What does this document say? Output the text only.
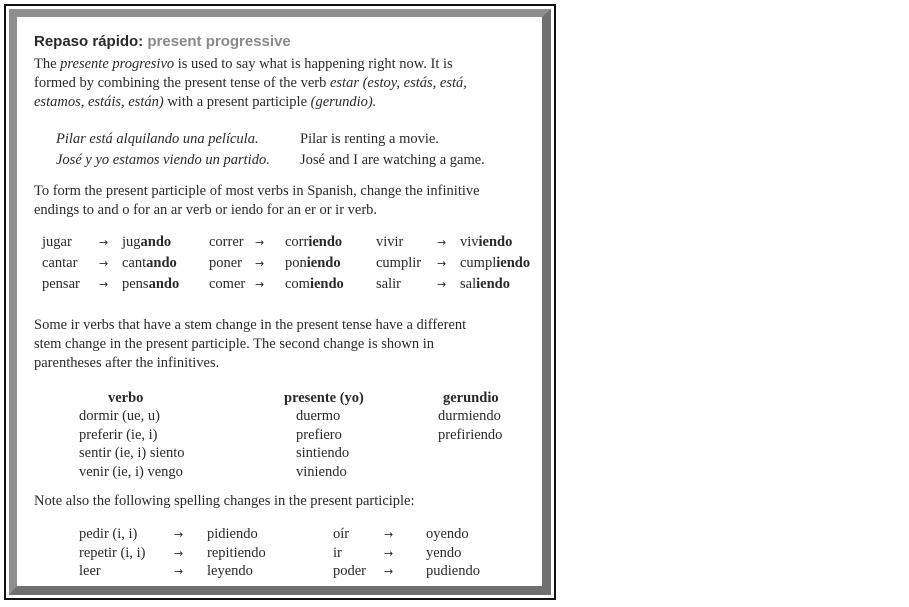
Repaso rápido: present progressive

The presente progresivo is used to say what is happening right now. It is

formed by combining the present tense of the verb estar (estoy, estás, está,

estamos, estáis, están) with a present participle (gerundio).

Pilar está alquilando una película.	Pilar is renting a movie.
José y yo estamos viendo un partido. José and I are watching a game.

To form the present participle of most verbs in Spanish, change the infinitive

endings to and o for an ar verb or iendo for an er or ir verb.

jugar → jugando	correr → corriendo vivir	→ viviendo
cantar → cantando poner → poniendo cumplir → cumpliendo
pensar → pensando comer → comiendo salir	→ saliendo

Some ir verbs that have a stem change in the present tense have a different

stem change in the present participle. The second change is shown in

parentheses after the infinitives.

verbo	presente (yo)	gerundio
dormir (ue, u)	duermo	durmiendo
preferir (ie, i)	prefiero	prefiriendo
sentir (ie, i) siento	sintiendo
venir (ie, i) vengo	viniendo

Note also the following spelling changes in the present participle:

pedir (i, i)	→ pidiendo	oír	→ oyendo
repetir (i, i)	→ repitiendo	ir	→ yendo
leer	→ leyendo	poder → pudiendo
